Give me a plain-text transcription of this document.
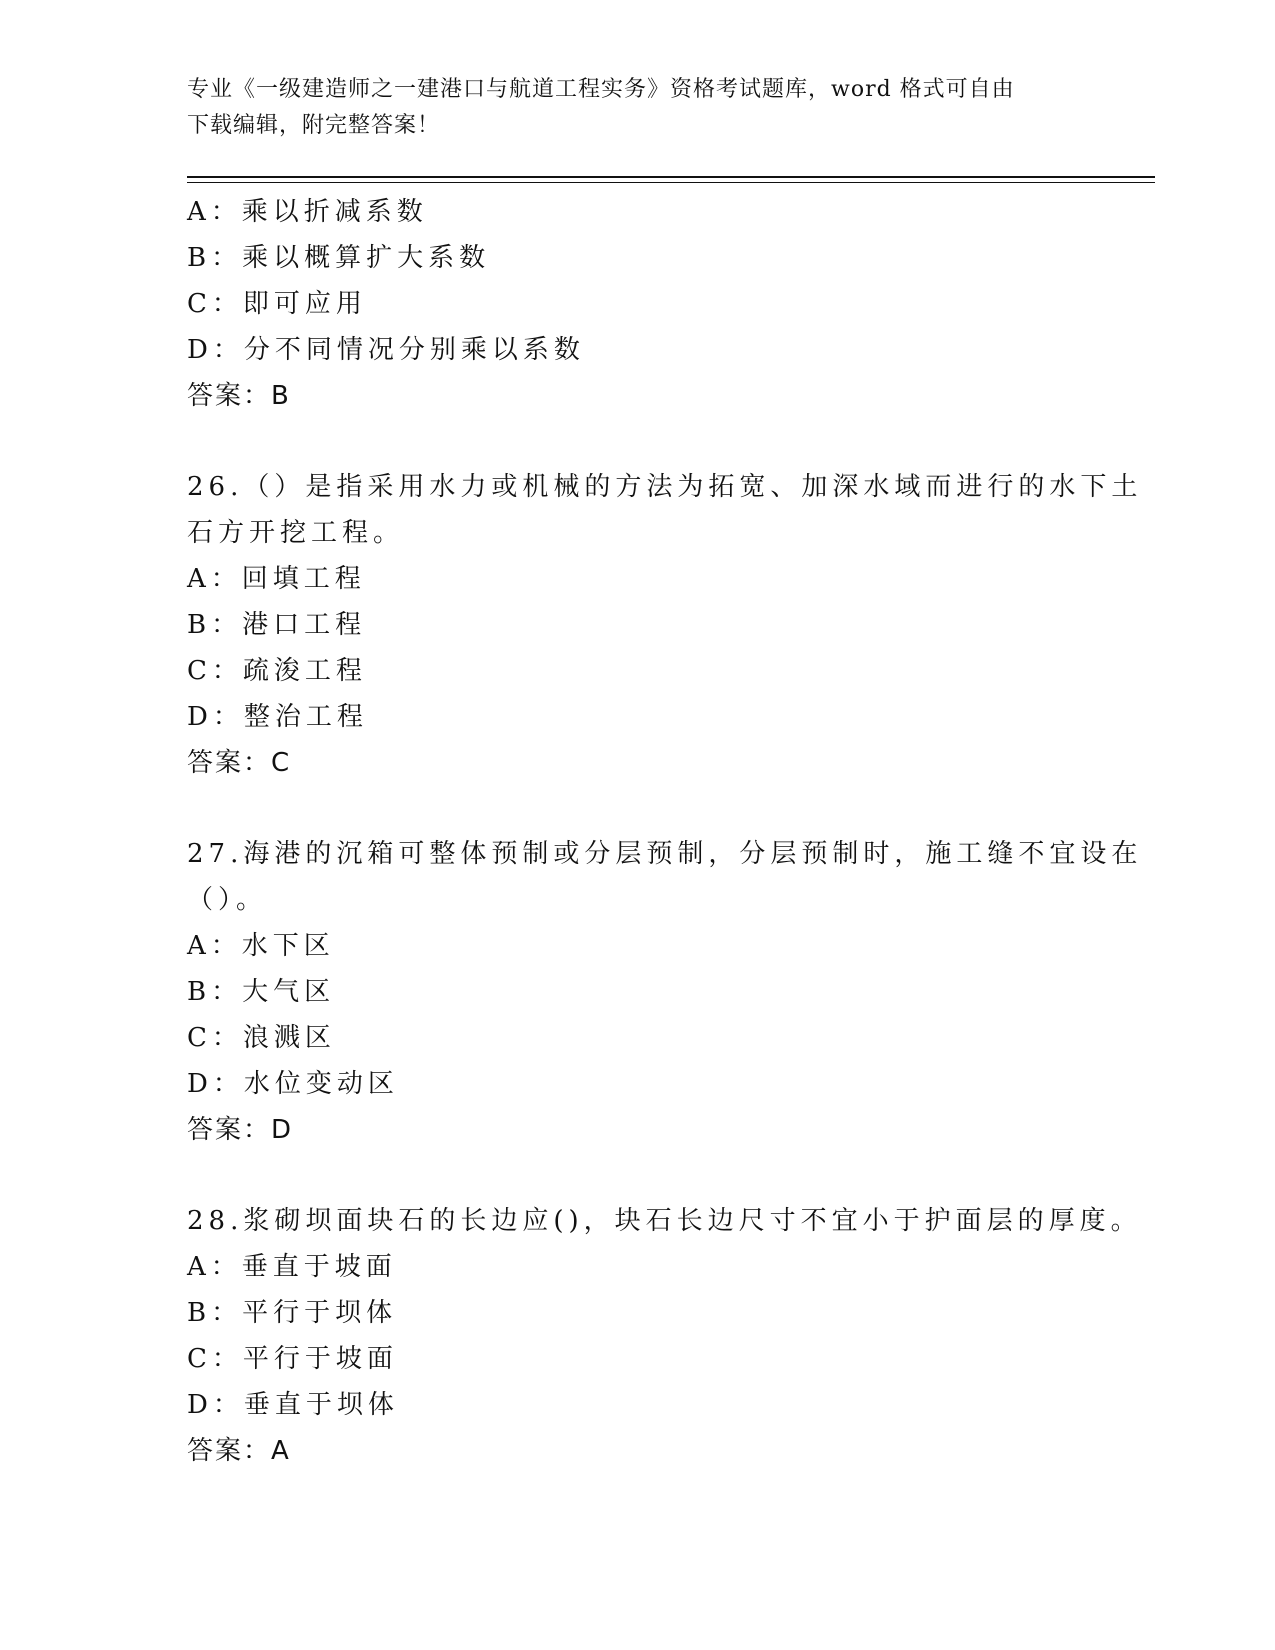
专业《一级建造师之一建港口与航道工程实务》资格考试题库，word 格式可自由
下载编辑，附完整答案！
A：乘以折减系数
B：乘以概算扩大系数
C：即可应用
D：分不同情况分别乘以系数
答案：B
26.（）是指采用水力或机械的方法为拓宽、加深水域而进行的水下土
石方开挖工程。
A：回填工程
B：港口工程
C：疏浚工程
D：整治工程
答案：C
27.海港的沉箱可整体预制或分层预制，分层预制时，施工缝不宜设在
（）。
A：水下区
B：大气区
C：浪溅区
D：水位变动区
答案：D
28.浆砌坝面块石的长边应()，块石长边尺寸不宜小于护面层的厚度。
A：垂直于坡面
B：平行于坝体
C：平行于坡面
D：垂直于坝体
答案：A
